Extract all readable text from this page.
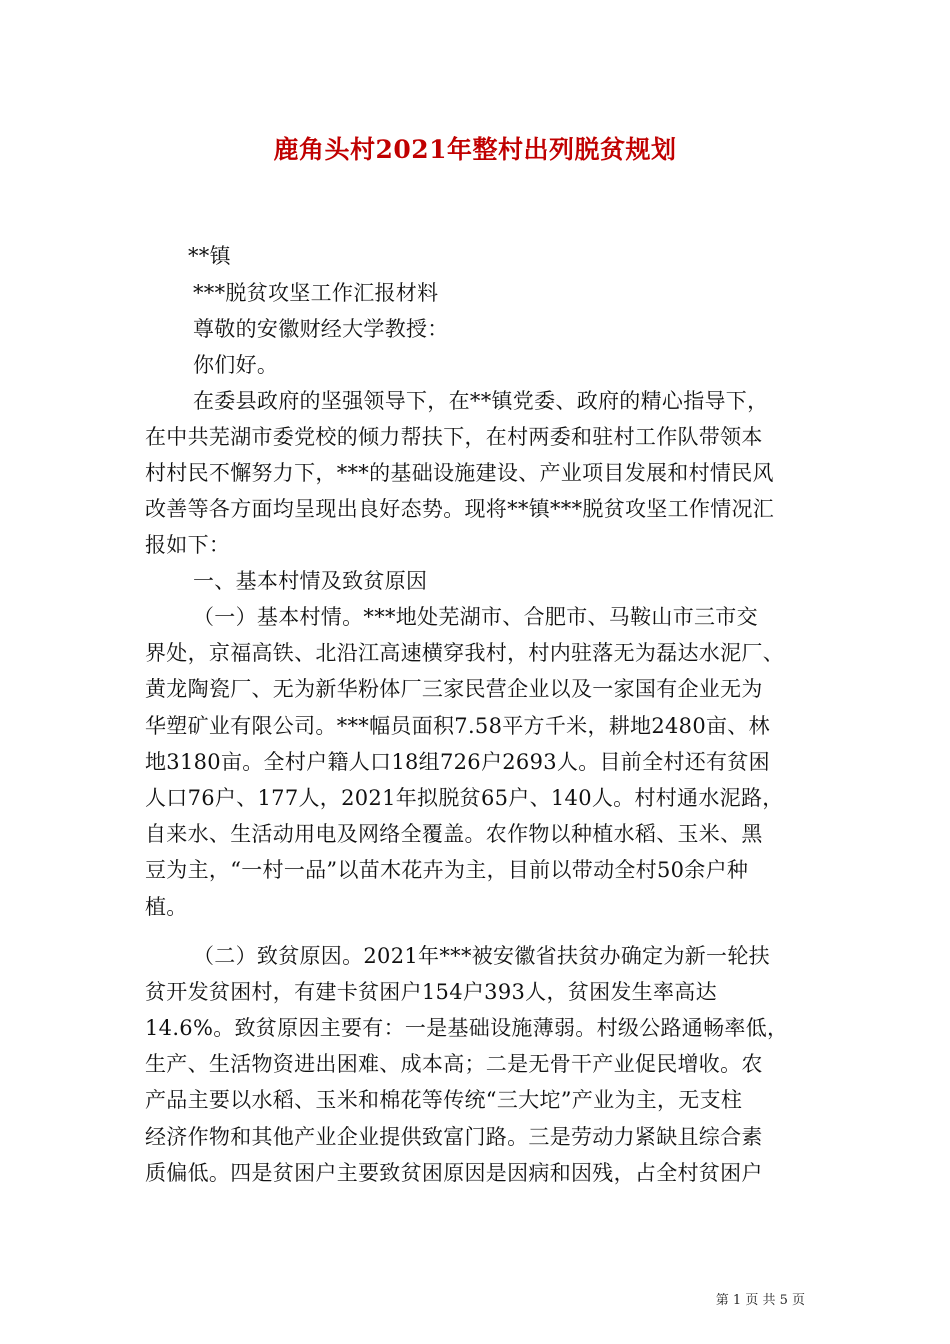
鹿角头村2021年整村出列脱贫规划
**镇
***脱贫攻坚工作汇报材料
尊敬的安徽财经大学教授：
你们好。
在委县政府的坚强领导下，在**镇党委、政府的精心指导下，
在中共芜湖市委党校的倾力帮扶下，在村两委和驻村工作队带领本
村村民不懈努力下，***的基础设施建设、产业项目发展和村情民风
改善等各方面均呈现出良好态势。现将**镇***脱贫攻坚工作情况汇
报如下：
一、基本村情及致贫原因
（一）基本村情。***地处芜湖市、合肥市、马鞍山市三市交
界处，京福高铁、北沿江高速横穿我村，村内驻落无为磊达水泥厂、
黄龙陶瓷厂、无为新华粉体厂三家民营企业以及一家国有企业无为
华塑矿业有限公司。***幅员面积7.58平方千米，耕地2480亩、林
地3180亩。全村户籍人口18组726户2693人。目前全村还有贫困
人口76户、177人，2021年拟脱贫65户、140人。村村通水泥路，
自来水、生活动用电及网络全覆盖。农作物以种植水稻、玉米、黑
豆为主，“一村一品”以苗木花卉为主，目前以带动全村50余户种
植。
（二）致贫原因。2021年***被安徽省扶贫办确定为新一轮扶
贫开发贫困村，有建卡贫困户154户393人，贫困发生率高达
14.6%。致贫原因主要有：一是基础设施薄弱。村级公路通畅率低，
生产、生活物资进出困难、成本高；二是无骨干产业促民增收。农
产品主要以水稻、玉米和棉花等传统“三大坨”产业为主，无支柱
经济作物和其他产业企业提供致富门路。三是劳动力紧缺且综合素
质偏低。四是贫困户主要致贫困原因是因病和因残，占全村贫困户
第 1 页 共 5 页
